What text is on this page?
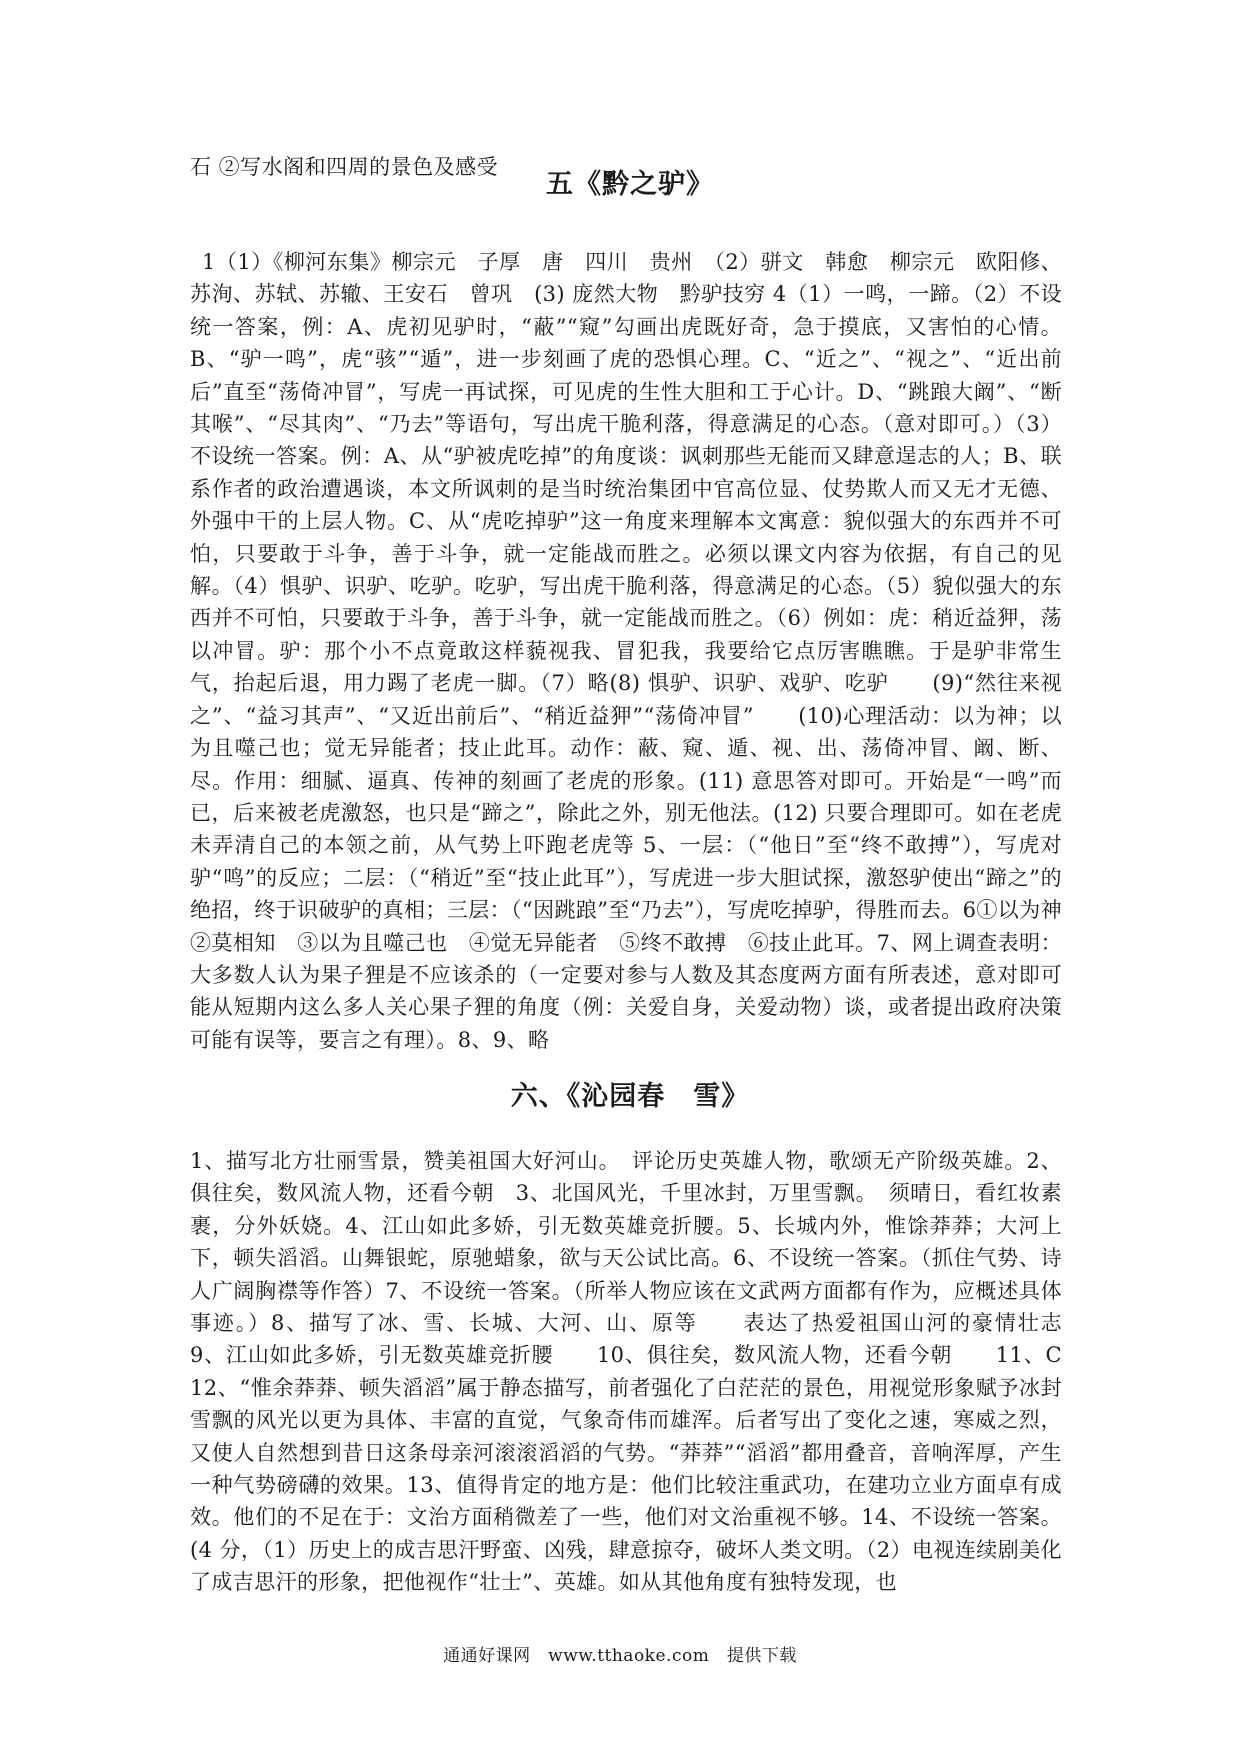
石 ②写水阁和四周的景色及感受
五《黔之驴》
1（1）《柳河东集》柳宗元　子厚　唐　四川　贵州　（2）骈文　韩愈　柳宗元　欧阳修、苏洵、苏轼、苏辙、王安石　曾巩　(3) 庞然大物　黔驴技穷 4（1）一鸣，一蹄。（2）不设统一答案，例：A、虎初见驴时，“蔽”“窥”勾画出虎既好奇，急于摸底，又害怕的心情。B、“驴一鸣”，虎“骇”“遁”，进一步刻画了虎的恐惧心理。C、“近之”、“视之”、“近出前后”直至“荡倚冲冒”，写虎一再试探，可见虎的生性大胆和工于心计。D、“跳踉大阚”、“断其喉”、“尽其肉”、“乃去”等语句，写出虎干脆利落，得意满足的心态。（意对即可。）（3）不设统一答案。例：A、从“驴被虎吃掉”的角度谈：讽刺那些无能而又肆意逞志的人；B、联系作者的政治遭遇谈，本文所讽刺的是当时统治集团中官高位显、仗势欺人而又无才无德、外强中干的上层人物。C、从“虎吃掉驴”这一角度来理解本文寓意：貌似强大的东西并不可怕，只要敢于斗争，善于斗争，就一定能战而胜之。必须以课文内容为依据，有自己的见解。（4）惧驴、识驴、吃驴。吃驴，写出虎干脆利落，得意满足的心态。（5）貌似强大的东西并不可怕，只要敢于斗争，善于斗争，就一定能战而胜之。（6）例如：虎：稍近益狎，荡以冲冒。驴：那个小不点竟敢这样藐视我、冒犯我，我要给它点厉害瞧瞧。于是驴非常生气，抬起后退，用力踢了老虎一脚。（7）略(8) 惧驴、识驴、戏驴、吃驴　　(9)“然往来视之”、“益习其声”、“又近出前后”、“稍近益狎”“荡倚冲冒”　　(10)心理活动：以为神；以为且噬己也；觉无异能者；技止此耳。动作：蔽、窥、遁、视、出、荡倚冲冒、阚、断、尽。作用：细腻、逼真、传神的刻画了老虎的形象。(11) 意思答对即可。开始是“一鸣”而已，后来被老虎激怒，也只是“蹄之”，除此之外，别无他法。(12) 只要合理即可。如在老虎未弄清自己的本领之前，从气势上吓跑老虎等 5、一层：（“他日”至“终不敢搏”），写虎对驴“鸣”的反应；二层：（“稍近”至“技止此耳”），写虎进一步大胆试探，激怒驴使出“蹄之”的绝招，终于识破驴的真相；三层：（“因跳踉”至“乃去”），写虎吃掉驴，得胜而去。6①以为神　②莫相知　③以为且噬己也　④觉无异能者　⑤终不敢搏　⑥技止此耳。7、网上调查表明：大多数人认为果子狸是不应该杀的（一定要对参与人数及其态度两方面有所表述，意对即可能从短期内这么多人关心果子狸的角度（例：关爱自身，关爱动物）谈，或者提出政府决策可能有误等，要言之有理）。8、9、略
六、《沁园春　雪》
1、描写北方壮丽雪景，赞美祖国大好河山。　评论历史英雄人物，歌颂无产阶级英雄。2、俱往矣，数风流人物，还看今朝　3、北国风光，千里冰封，万里雪飘。　须晴日，看红妆素裹，分外妖娆。4、江山如此多娇，引无数英雄竞折腰。5、长城内外，惟馀莽莽；大河上下，顿失滔滔。山舞银蛇，原驰蜡象，欲与天公试比高。6、不设统一答案。（抓住气势、诗人广阔胸襟等作答）7、不设统一答案。（所举人物应该在文武两方面都有作为，应概述具体事迹。）8、描写了冰、雪、长城、大河、山、原等　　表达了热爱祖国山河的豪情壮志　　9、江山如此多娇，引无数英雄竞折腰　　10、俱往矣，数风流人物，还看今朝　　11、C 12、“惟余莽莽、顿失滔滔”属于静态描写，前者强化了白茫茫的景色，用视觉形象赋予冰封雪飘的风光以更为具体、丰富的直觉，气象奇伟而雄浑。后者写出了变化之速，寒威之烈，又使人自然想到昔日这条母亲河滚滚滔滔的气势。“莽莽”“滔滔”都用叠音，音响浑厚，产生一种气势磅礴的效果。13、值得肯定的地方是：他们比较注重武功，在建功立业方面卓有成效。他们的不足在于：文治方面稍微差了一些，他们对文治重视不够。14、不设统一答案。(4 分，（1）历史上的成吉思汗野蛮、凶残，肆意掠夺，破坏人类文明。（2）电视连续剧美化了成吉思汗的形象，把他视作“壮士”、英雄。如从其他角度有独特发现，也
通通好课网　www.tthaoke.com　提供下载
